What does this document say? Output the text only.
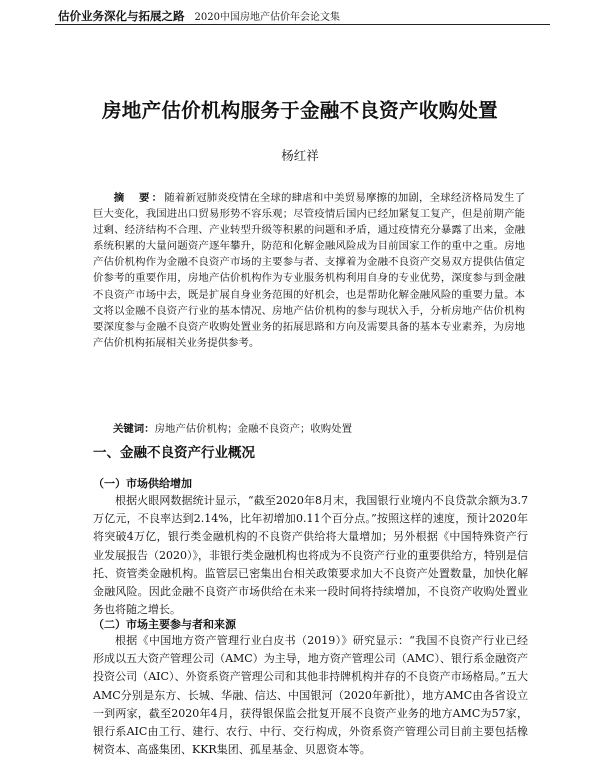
估价业务深化与拓展之路 2020中国房地产估价年会论文集
房地产估价机构服务于金融不良资产收购处置
杨红祥

摘　要：随着新冠肺炎疫情在全球的肆虐和中美贸易摩擦的加剧，全球经济格局发生了巨大变化，我国进出口贸易形势不容乐观；尽管疫情后国内已经加紧复工复产，但是前期产能过剩、经济结构不合理、产业转型升级等积累的问题和矛盾，通过疫情充分暴露了出来，金融系统积累的大量问题资产逐年攀升，防范和化解金融风险成为目前国家工作的重中之重。房地产估价机构作为金融不良资产市场的主要参与者、支撑着为金融不良资产交易双方提供估值定价参考的重要作用，房地产估价机构作为专业服务机构利用自身的专业优势，深度参与到金融不良资产市场中去，既是扩展自身业务范围的好机会，也是帮助化解金融风险的重要力量。本文将以金融不良资产行业的基本情况、房地产估价机构的参与现状入手，分析房地产估价机构要深度参与金融不良资产收购处置业务的拓展思路和方向及需要具备的基本专业素养，为房地产估价机构拓展相关业务提供参考。

关键词：房地产估价机构；金融不良资产；收购处置

一、金融不良资产行业概况
（一）市场供给增加

根据火眼网数据统计显示，“截至2020年8月末，我国银行业境内不良贷款余额为3.7万亿元，不良率达到2.14%，比年初增加0.11个百分点。”按照这样的速度，预计2020年将突破4万亿，银行类金融机构的不良资产供给将大量增加；另外根据《中国特殊资产行业发展报告（2020）》，非银行类金融机构也将成为不良资产行业的重要供给方，特别是信托、资管类金融机构。监管层已密集出台相关政策要求加大不良资产处置数量，加快化解金融风险。因此金融不良资产市场供给在未来一段时间将持续增加，不良资产收购处置业务也将随之增长。

（二）市场主要参与者和来源

根据《中国地方资产管理行业白皮书（2019）》研究显示：“我国不良资产行业已经形成以五大资产管理公司（AMC）为主导，地方资产管理公司（AMC）、银行系金融资产投资公司（AIC）、外资系资产管理公司和其他非持牌机构并存的不良资产市场格局。”五大AMC分别是东方、长城、华融、信达、中国银河（2020年新批），地方AMC由各省设立一到两家，截至2020年4月，获得银保监会批复开展不良资产业务的地方AMC为57家，银行系AIC由工行、建行、农行、中行、交行构成，外资系资产管理公司目前主要包括橡树资本、高盛集团、KKR集团、孤星基金、贝恩资本等。
